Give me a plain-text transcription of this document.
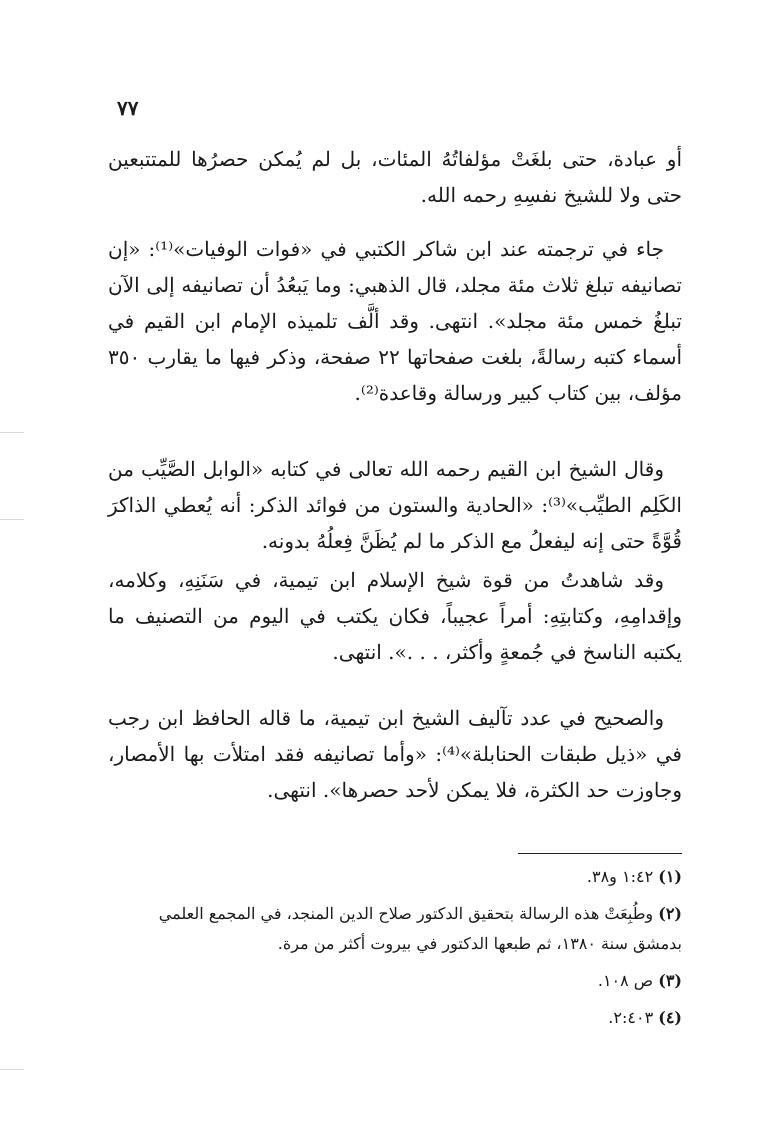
٧٧

أو عبادة، حتى بلغَتْ مؤلفاتُهُ المئات، بل لم يُمكن حصرُها للمتتبعين حتى ولا للشيخ نفسِهِ رحمه الله.

جاء في ترجمته عند ابن شاكر الكتبي في «فوات الوفيات»⁽¹⁾: «إن تصانيفه تبلغ ثلاث مئة مجلد، قال الذهبي: وما يَبعُدُ أن تصانيفه إلى الآن تبلغُ خمس مئة مجلد». انتهى. وقد ألَّف تلميذه الإمام ابن القيم في أسماء كتبه رسالةً، بلغت صفحاتها ٢٢ صفحة، وذكر فيها ما يقارب ٣٥٠ مؤلف، بين كتاب كبير ورسالة وقاعدة⁽²⁾.

وقال الشيخ ابن القيم رحمه الله تعالى في كتابه «الوابل الصَّيِّب من الكَلِم الطيِّب»⁽³⁾: «الحادية والستون من فوائد الذكر: أنه يُعطي الذاكرَ قُوَّةً حتى إنه ليفعلُ مع الذكر ما لم يُظَنَّ فِعلُهُ بدونه.

وقد شاهدتُ من قوة شيخ الإسلام ابن تيمية، في سَنَنِهِ، وكلامه، وإقدامِهِ، وكتابتِهِ: أمراً عجيباً، فكان يكتب في اليوم من التصنيف ما يكتبه الناسخ في جُمعةٍ وأكثر، . . .». انتهى.

والصحيح في عدد تآليف الشيخ ابن تيمية، ما قاله الحافظ ابن رجب في «ذيل طبقات الحنابلة»⁽⁴⁾: «وأما تصانيفه فقد امتلأت بها الأمصار، وجاوزت حد الكثرة، فلا يمكن لأحد حصرها». انتهى.

(١) ١:٤٢ و٣٨.
(٢) وطُبِعَتْ هذه الرسالة بتحقيق الدكتور صلاح الدين المنجد، في المجمع العلمي بدمشق سنة ١٣٨٠، ثم طبعها الدكتور في بيروت أكثر من مرة.
(٣) ص ١٠٨.
(٤) ٢:٤٠٣.
